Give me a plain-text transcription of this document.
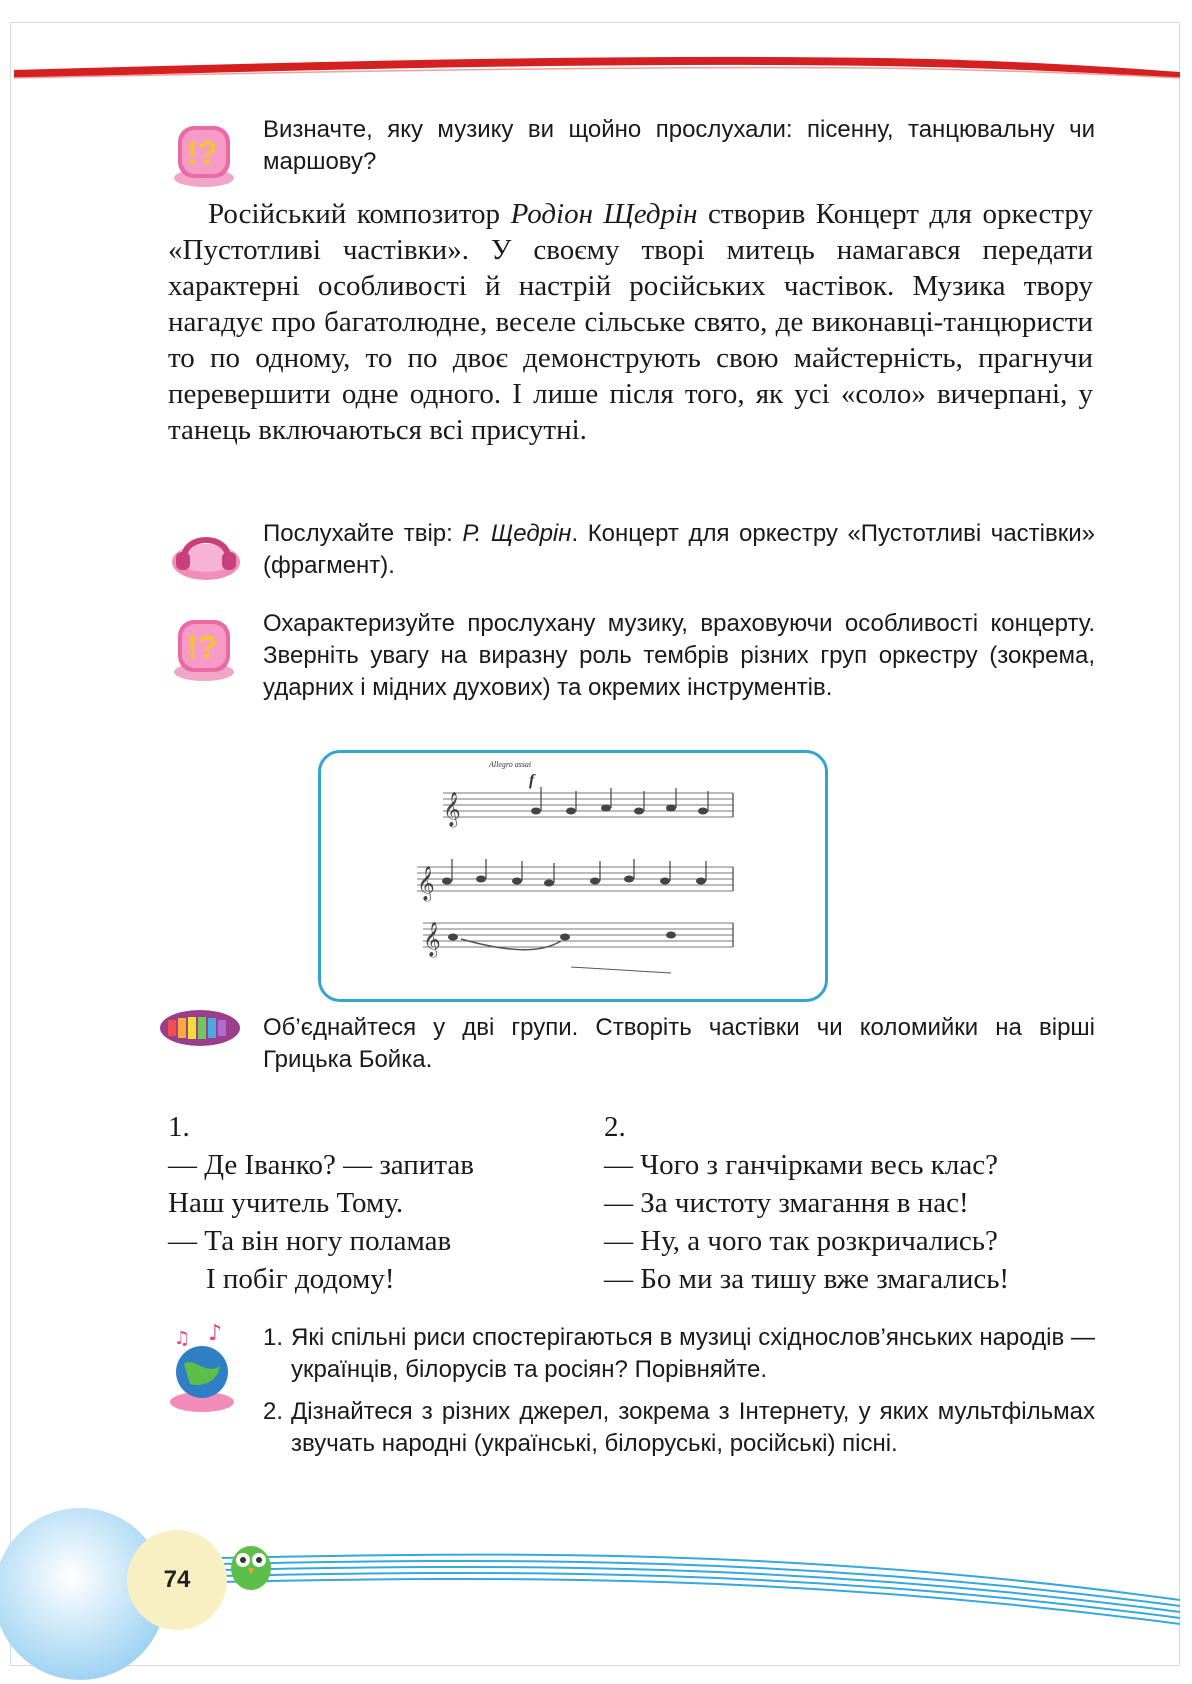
!?

Визначте, яку музику ви щойно прослухали: пісенну, танцювальну чи маршову?

Російський композитор Родіон Щедрін створив Концерт для оркестру «Пустотливі частівки». У своєму творі митець намагався передати характерні особливості й настрій російських частівок. Музика твору нагадує про багатолюдне, веселе сільське свято, де виконавці-танцюристи то по одному, то по двоє демонструють свою майстерність, прагнучи перевершити одне одного. І лише після того, як усі «соло» вичерпані, у танець включаються всі присутні.

Послухайте твір: Р. Щедрін. Концерт для оркестру «Пустотливі частівки» (фрагмент).

!?

Охарактеризуйте прослухану музику, враховуючи особливості концерту. Зверніть увагу на виразну роль тембрів різних груп оркестру (зокрема, ударних і мідних духових) та окремих інструментів.

Allegro assai
f
𝄞
𝄞
𝄞

Об’єднайтеся у дві групи. Створіть частівки чи коломийки на вірші Грицька Бойка.

1.
— Де Іванко? — запитав
Наш учитель Тому.
— Та він ногу поламав
І побіг додому!
2.
— Чого з ганчірками весь клас?
— За чистоту змагання в нас!
— Ну, а чого так розкричались?
— Бо ми за тишу вже змагались!
♪
♫	1. Які спільні риси спостерігаються в музиці східнослов’янських народів — українців, білорусів та росіян? Порівняйте.
2. Дізнайтеся з різних джерел, зокрема з Інтернету, у яких мультфільмах звучать народні (українські, білоруські, російські) пісні.
74
